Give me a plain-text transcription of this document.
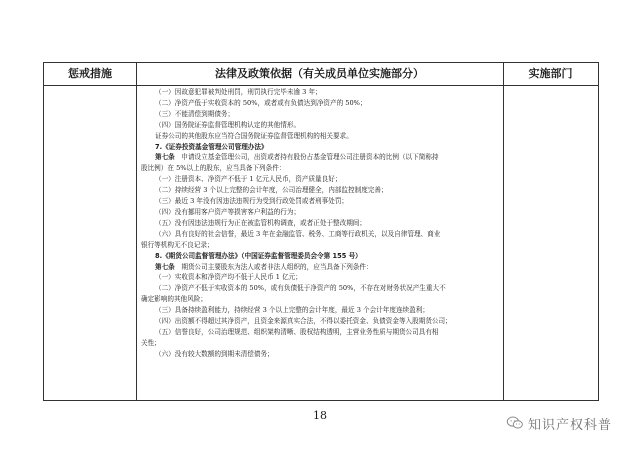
惩戒措施	法律及政策依据（有关成员单位实施部分）	实施部门
（一）因故意犯罪被判处刑罚，刑罚执行完毕未逾 3 年；
（二）净资产低于实收资本的 50%，或者或有负债达到净资产的 50%；
（三）不能清偿到期债务；
（四）国务院证券监督管理机构认定的其他情形。
证券公司的其他股东应当符合国务院证券监督管理机构的相关要求。
7.《证券投资基金管理公司管理办法》
第七条　申请设立基金管理公司，出资或者持有股份占基金管理公司注册资本的比例（以下简称持
股比例）在 5%以上的股东，应当具备下列条件：
（一）注册资本、净资产不低于 1 亿元人民币，资产质量良好；
（二）持续经营 3 个以上完整的会计年度，公司治理健全，内部监控制度完善；
（三）最近 3 年没有因违法违规行为受到行政处罚或者刑事处罚；
（四）没有挪用客户资产等损害客户利益的行为；
（五）没有因违法违规行为正在被监管机构调查，或者正处于整改期间；
（六）具有良好的社会信誉，最近 3 年在金融监管、税务、工商等行政机关，以及自律管理、商业
银行等机构无不良记录；
8.《期货公司监督管理办法》（中国证券监督管理委员会令第 155 号）
第七条　期货公司主要股东为法人或者非法人组织的，应当具备下列条件：
（一）实收资本和净资产均不低于人民币 1 亿元；
（二）净资产不低于实收资本的 50%，或有负债低于净资产的 50%，不存在对财务状况产生重大不
确定影响的其他风险；
（三）具备持续盈利能力，持续经营 3 个以上完整的会计年度，最近 3 个会计年度连续盈利；
（四）出资额不得超过其净资产，且资金来源真实合法，不得以委托资金、负债资金等入股期货公司；
（五）信誉良好，公司治理规范、组织架构清晰、股权结构透明，主营业务性质与期货公司具有相
关性；
（六）没有较大数额的到期未清偿债务；
18
知识产权科普
